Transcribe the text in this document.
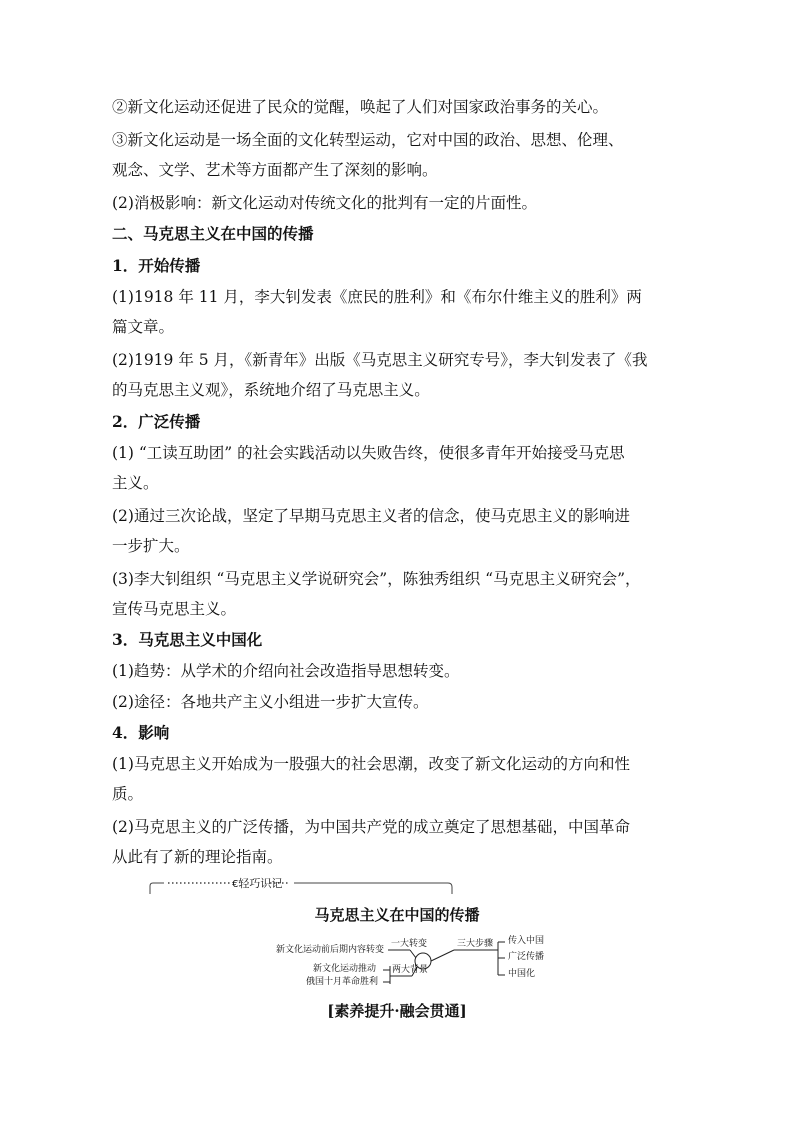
②新文化运动还促进了民众的觉醒，唤起了人们对国家政治事务的关心。
③新文化运动是一场全面的文化转型运动，它对中国的政治、思想、伦理、
观念、文学、艺术等方面都产生了深刻的影响。
(2)消极影响：新文化运动对传统文化的批判有一定的片面性。
二、马克思主义在中国的传播
1．开始传播
(1)1918 年 11 月，李大钊发表《庶民的胜利》和《布尔什维主义的胜利》两
篇文章。
(2)1919 年 5 月，《新青年》出版《马克思主义研究专号》，李大钊发表了《我
的马克思主义观》，系统地介绍了马克思主义。
2．广泛传播
(1) “工读互助团” 的社会实践活动以失败告终，使很多青年开始接受马克思
主义。
(2)通过三次论战，坚定了早期马克思主义者的信念，使马克思主义的影响进
一步扩大。
(3)李大钊组织 “马克思主义学说研究会”，陈独秀组织 “马克思主义研究会”，
宣传马克思主义。
3．马克思主义中国化
(1)趋势：从学术的介绍向社会改造指导思想转变。
(2)途径：各地共产主义小组进一步扩大宣传。
4．影响
(1)马克思主义开始成为一股强大的社会思潮，改变了新文化运动的方向和性
质。
(2)马克思主义的广泛传播，为中国共产党的成立奠定了思想基础，中国革命
从此有了新的理论指南。
€轻巧识记
马克思主义在中国的传播
新文化运动前后期内容转变
新文化运动推动
俄国十月革命胜利
一大转变
两大背景
三大步骤 传入中国
广泛传播
中国化
[素养提升·融会贯通]
